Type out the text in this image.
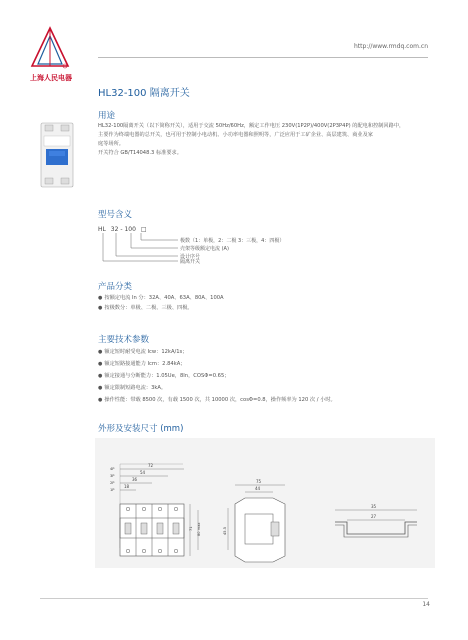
上海人民电器
http://www.rmdq.com.cn
HL32-100 隔离开关
用途
HL32-100隔离开关（以下简称开关），适用于交流 50Hz/60Hz，额定工作电压 230V(1P2P)/400V(2P3P4P) 的配电和控制回路中，
主要作为终端电器的总开关，也可用于控制小电动机、小功率电器和照明等，广泛应用于工矿企业、高层建筑、商业及家
庭等场所。
开关符合 GB/T14048.3 标准要求。
型号含义
HL 32 - 100 □
极数（1：单极，2：二极 3：三极，4：四极）
壳架等级额定电流 (A)
设计序号
隔离开关
产品分类
● 按额定电流 In 分：32A、40A、63A、80A、100A
● 按极数分：单极、二极、三极、四极。
主要技术参数
● 额定短时耐受电流 Icw：12kA/1s；
● 额定短路接通能力 Icm：2.84kA；
● 额定接通与分断能力：1.05Ue，8In，COSΦ=0.65；
● 额定限制短路电流：3kA。
● 操作性能：带载 8500 次，有载 1500 次，共 10000 次，cosΦ=0.8，操作频率为 120 次 / 小时。
外形及安装尺寸 (mm)
72
54
36
18
4P
3P
2P
1P
71 80 max
75
44
45.5
35
27
14
